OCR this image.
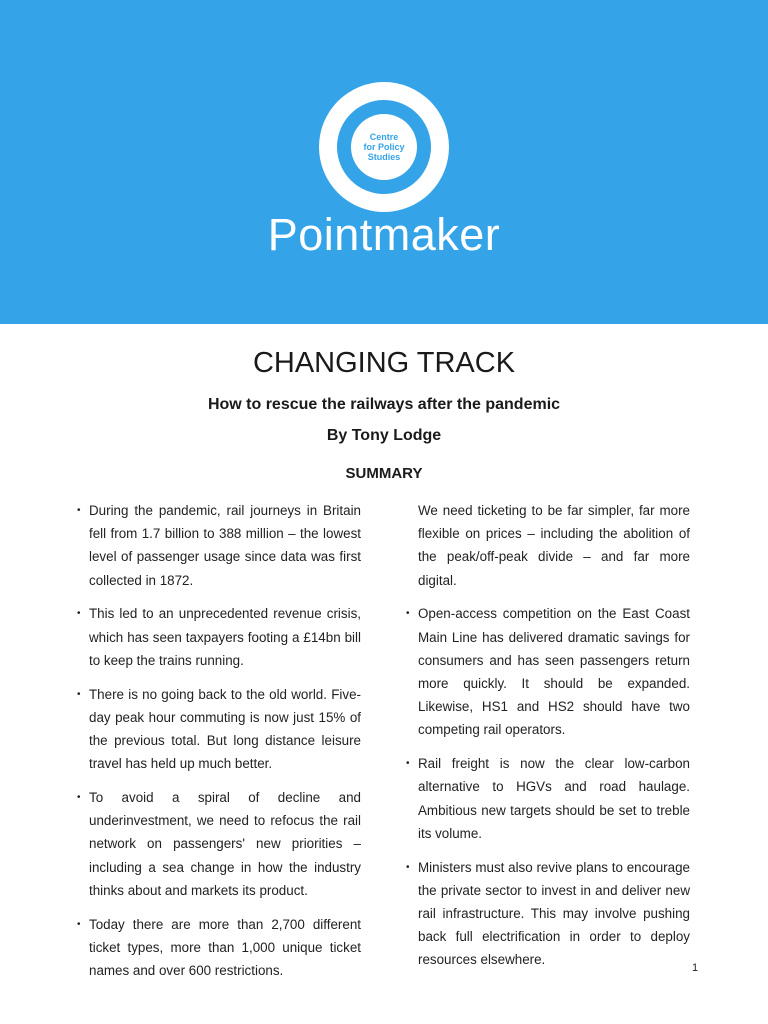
Centre
for Policy
Studies
Pointmaker
CHANGING TRACK
How to rescue the railways after the pandemic
By Tony Lodge
SUMMARY

• During the pandemic, rail journeys in Britain fell from 1.7 billion to 388 million – the lowest level of passenger usage since data was first collected in 1872.

• This led to an unprecedented revenue crisis, which has seen taxpayers footing a £14bn bill to keep the trains running.

• There is no going back to the old world. Five-day peak hour commuting is now just 15% of the previous total. But long distance leisure travel has held up much better.

• To avoid a spiral of decline and underinvestment, we need to refocus the rail network on passengers' new priorities – including a sea change in how the industry thinks about and markets its product.

• Today there are more than 2,700 different ticket types, more than 1,000 unique ticket names and over 600 restrictions.

We need ticketing to be far simpler, far more flexible on prices – including the abolition of the peak/off-peak divide – and far more digital.

• Open-access competition on the East Coast Main Line has delivered dramatic savings for consumers and has seen passengers return more quickly. It should be expanded. Likewise, HS1 and HS2 should have two competing rail operators.

• Rail freight is now the clear low-carbon alternative to HGVs and road haulage. Ambitious new targets should be set to treble its volume.

• Ministers must also revive plans to encourage the private sector to invest in and deliver new rail infrastructure. This may involve pushing back full electrification in order to deploy resources elsewhere.

1
